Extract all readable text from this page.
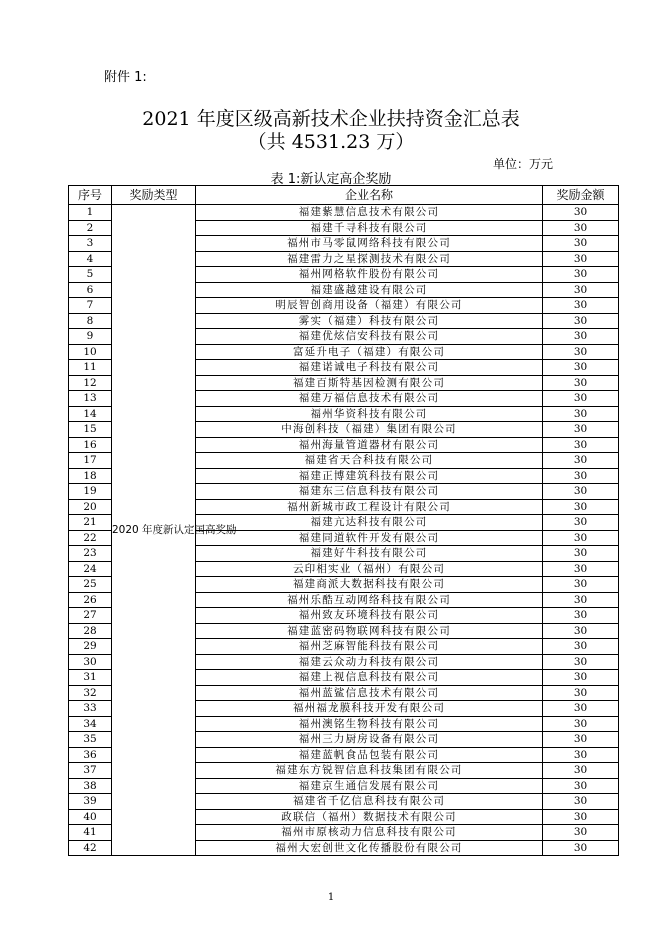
附件 1:
2021 年度区级高新技术企业扶持资金汇总表
（共 4531.23 万）
单位：万元
表 1:新认定高企奖励
序号	奖励类型	企业名称	奖励金额
1	2020 年度新认定国高奖励	福建紫慧信息技术有限公司	30
2		福建千寻科技有限公司	30
3		福州市马零鼠网络科技有限公司	30
4		福建雷力之星探测技术有限公司	30
5		福州网格软件股份有限公司	30
6		福建盛越建设有限公司	30
7		明辰智创商用设备（福建）有限公司	30
8		雾实（福建）科技有限公司	30
9		福建优炫信安科技有限公司	30
10		富延升电子（福建）有限公司	30
11		福建诺诚电子科技有限公司	30
12		福建百斯特基因检测有限公司	30
13		福建万福信息技术有限公司	30
14		福州华资科技有限公司	30
15		中海创科技（福建）集团有限公司	30
16		福州海量管道器材有限公司	30
17		福建省天合科技有限公司	30
18		福建正博建筑科技有限公司	30
19		福建东三信息科技有限公司	30
20		福州新城市政工程设计有限公司	30
21		福建亢达科技有限公司	30
22		福建同道软件开发有限公司	30
23		福建好牛科技有限公司	30
24		云印相实业（福州）有限公司	30
25		福建商派大数据科技有限公司	30
26		福州乐酷互动网络科技有限公司	30
27		福州致友环境科技有限公司	30
28		福建蓝密码物联网科技有限公司	30
29		福州芝麻智能科技有限公司	30
30		福建云众动力科技有限公司	30
31		福建上视信息科技有限公司	30
32		福州蓝鲨信息技术有限公司	30
33		福州福龙膜科技开发有限公司	30
34		福州澳铭生物科技有限公司	30
35		福州三力厨房设备有限公司	30
36		福建蓝帆食品包装有限公司	30
37		福建东方锐智信息科技集团有限公司	30
38		福建京生通信发展有限公司	30
39		福建省千亿信息科技有限公司	30
40		政联信（福州）数据技术有限公司	30
41		福州市原核动力信息科技有限公司	30
42		福州大宏创世文化传播股份有限公司	30
1
